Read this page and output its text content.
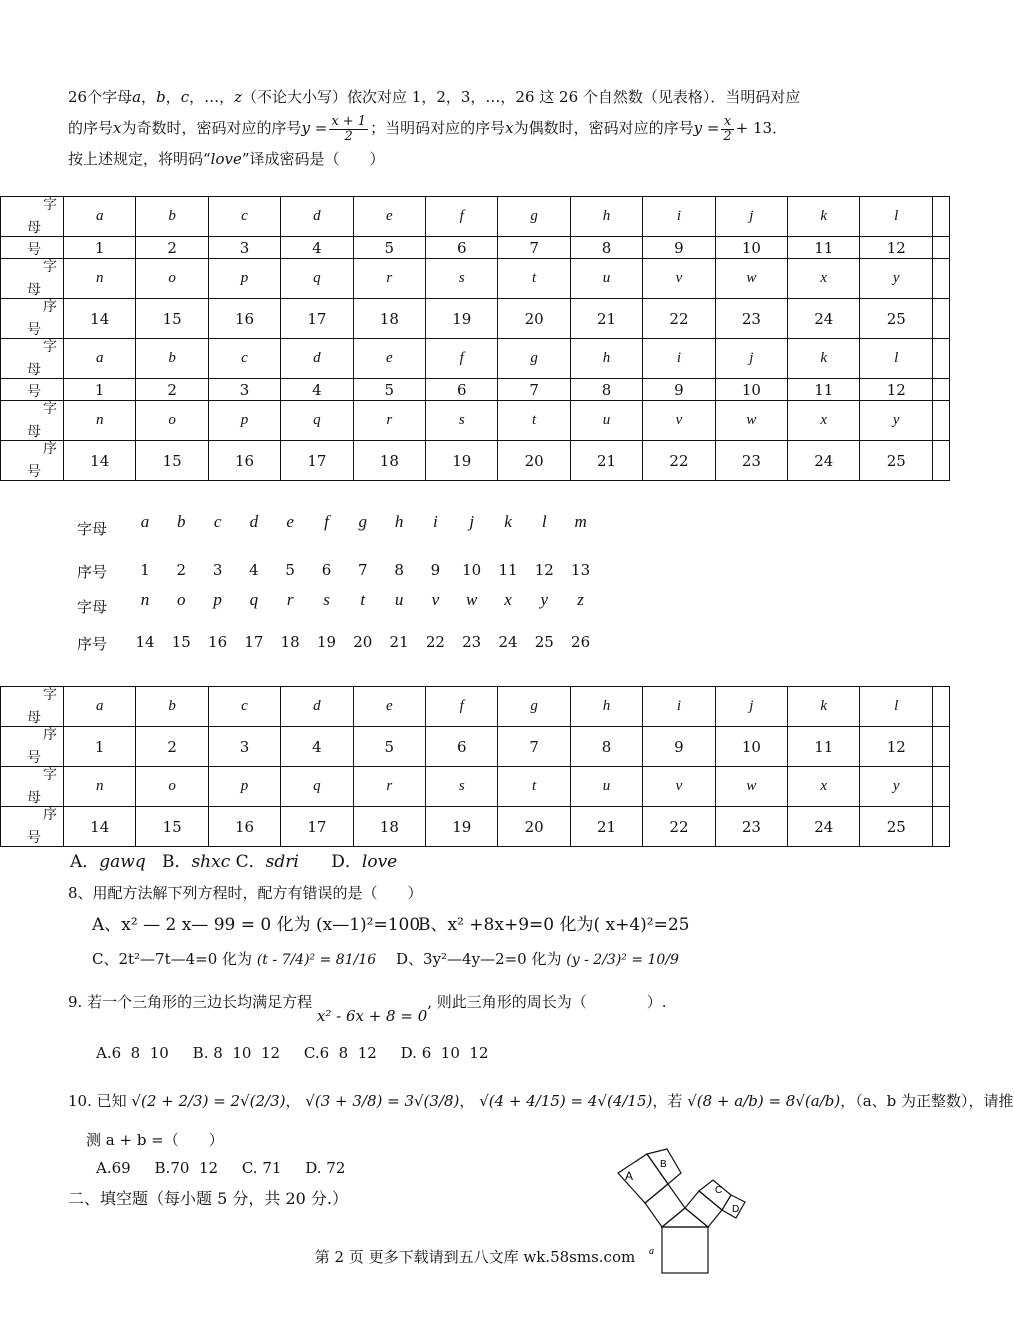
26个字母a，b，c，…，z（不论大小写）依次对应 1，2，3，…，26 这 26 个自然数（见表格）．当明码对应
的序号x为奇数时，密码对应的序号$y = \frac{x + 1}{2}$ ；当明码对应的序号x为偶数时，密码对应的序号$y = \frac{x}{2} + 13$．
按上述规定，将明码“love”译成密码是（　　）
字
母	a	b	c	d	e	f	g	h	i	j	k	l	

号	1	2	3	4	5	6	7	8	9	10	11	12	

字
母	n	o	p	q	r	s	t	u	v	w	x	y	

序
号	14	15	16	17	18	19	20	21	22	23	24	25	

字
母	a	b	c	d	e	f	g	h	i	j	k	l	

号	1	2	3	4	5	6	7	8	9	10	11	12	

字
母	n	o	p	q	r	s	t	u	v	w	x	y	

序
号	14	15	16	17	18	19	20	21	22	23	24	25	
字
母	a	b	c	d	e	f	g	h	i	j	k	l	

序
号	1	2	3	4	5	6	7	8	9	10	11	12	

字
母	n	o	p	q	r	s	t	u	v	w	x	y	

序
号	14	15	16	17	18	19	20	21	22	23	24	25	
A．gawq B．shxc C．sdri D．love
8、用配方法解下列方程时，配方有错误的是（　　）
A、x² — 2 x— 99 = 0 化为 (x—1)²=100
B、x² +8x+9=0 化为( x+4)²=25
C、2t²—7t—4=0 化为 (t - 7/4)² = 81/16 D、3y²—4y—2=0 化为 (y - 2/3)² = 10/9
9. 若一个三角形的三边长均满足方程 x² - 6x + 8 = 0, 则此三角形的周长为（　　　　）.
A.6  8  10     B. 8  10  12     C.6  8  12     D. 6  10  12
10. 已知 √(2 + 2/3) = 2√(2/3)， √(3 + 3/8) = 3√(3/8)， √(4 + 4/15) = 4√(4/15)，若 √(8 + a/b) = 8√(a/b)，（a、b 为正整数），请推
测 a + b =（　　）
A.69     B.70  12     C. 71     D. 72
二、填空题（每小题 5 分，共 20 分.）
A
B
C
D
a
第 2 页 更多下载请到五八文库 wk.58sms.com
字母	a	b	c	d	e	f	g	h	i	j	k	l	m
序号	1	2	3	4	5	6	7	8	9	10	11	12	13
字母	n	o	p	q	r	s	t	u	v	w	x	y	z
序号	14	15	16	17	18	19	20	21	22	23	24	25	26
